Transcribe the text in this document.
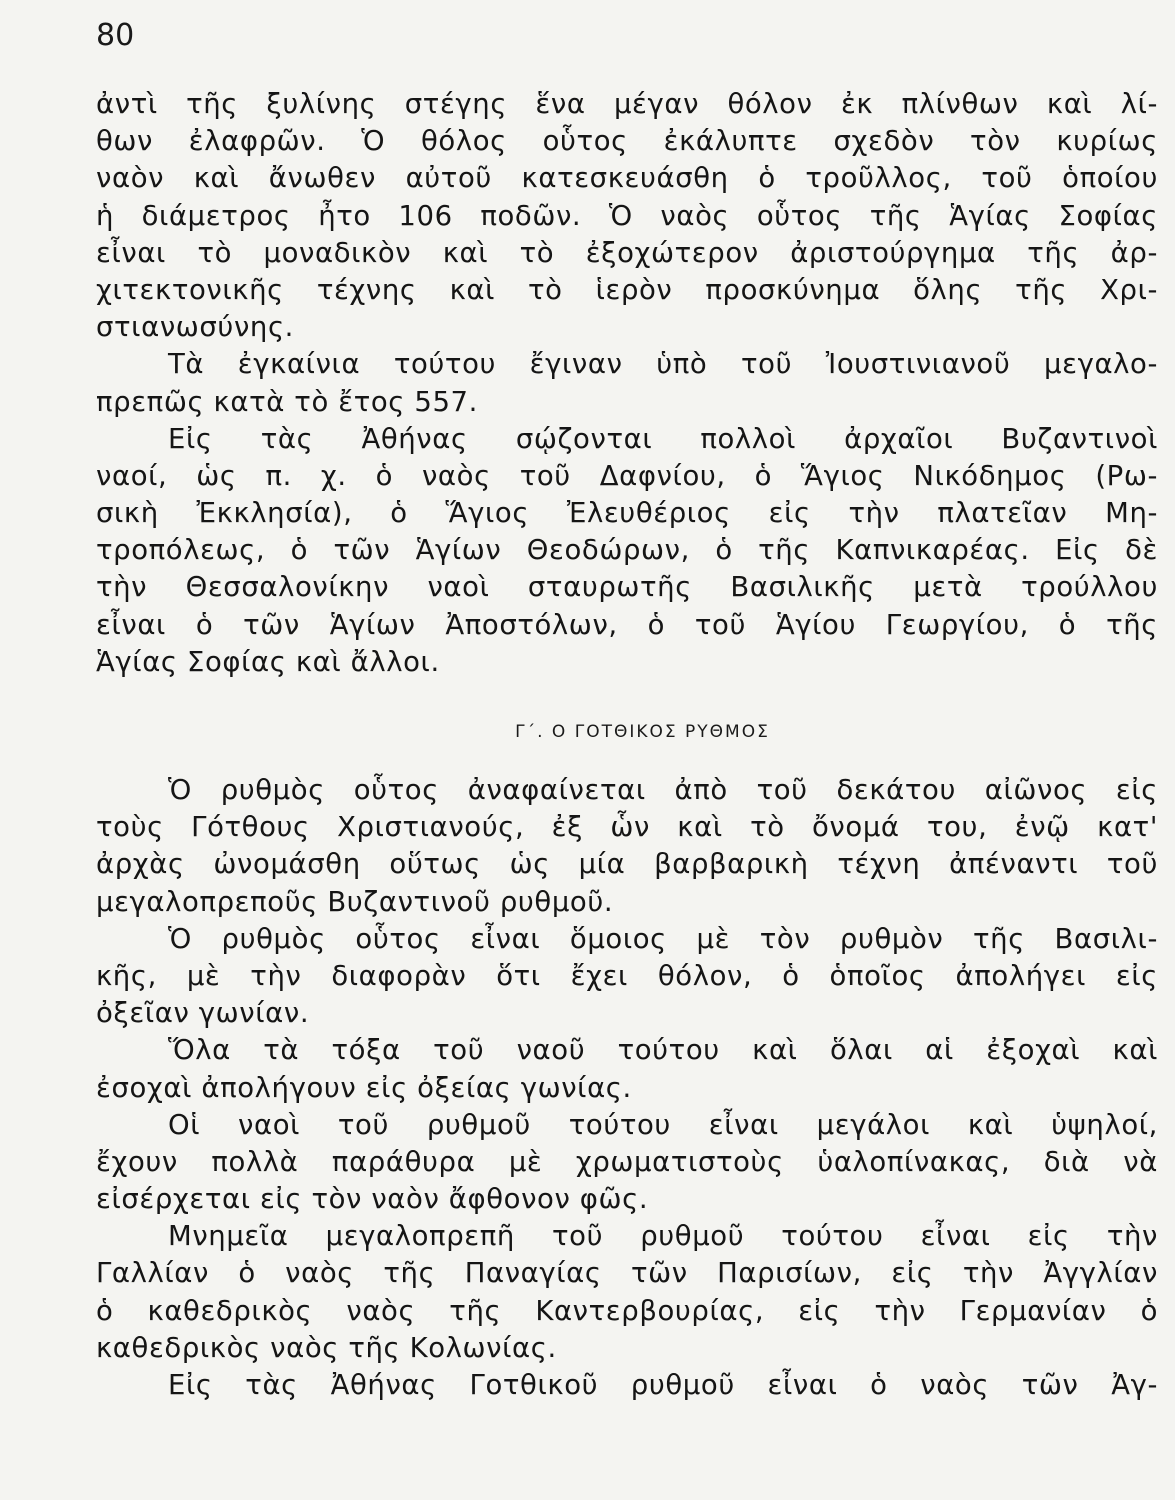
80
ἀντὶ τῆς ξυλίνης στέγης ἕνα μέγαν θόλον ἐκ πλίνθων καὶ λί-
θων ἐλαφρῶν. Ὁ θόλος οὗτος ἐκάλυπτε σχεδὸν τὸν κυρίως
ναὸν καὶ ἄνωθεν αὐτοῦ κατεσκευάσθη ὁ τροῦλλος, τοῦ ὁποίου
ἡ διάμετρος ἦτο 106 ποδῶν. Ὁ ναὸς οὗτος τῆς Ἁγίας Σοφίας
εἶναι τὸ μοναδικὸν καὶ τὸ ἐξοχώτερον ἀριστούργημα τῆς ἀρ-
χιτεκτονικῆς τέχνης καὶ τὸ ἱερὸν προσκύνημα ὅλης τῆς Χρι-
στιανωσύνης.
Τὰ ἐγκαίνια τούτου ἔγιναν ὑπὸ τοῦ Ἰουστινιανοῦ μεγαλο-
πρεπῶς κατὰ τὸ ἔτος 557.
Εἰς τὰς Ἀθήνας σῴζονται πολλοὶ ἀρχαῖοι Βυζαντινοὶ
ναοί, ὡς π. χ. ὁ ναὸς τοῦ Δαφνίου, ὁ Ἅγιος Νικόδημος (Ρω-
σικὴ Ἐκκλησία), ὁ Ἅγιος Ἐλευθέριος εἰς τὴν πλατεῖαν Μη-
τροπόλεως, ὁ τῶν Ἁγίων Θεοδώρων, ὁ τῆς Καπνικαρέας. Εἰς δὲ
τὴν Θεσσαλονίκην ναοὶ σταυρωτῆς Βασιλικῆς μετὰ τρούλλου
εἶναι ὁ τῶν Ἁγίων Ἀποστόλων, ὁ τοῦ Ἁγίου Γεωργίου, ὁ τῆς
Ἁγίας Σοφίας καὶ ἄλλοι.
Γ΄. Ο ΓΟΤΘΙΚΟΣ ΡΥΘΜΟΣ
Ὁ ρυθμὸς οὗτος ἀναφαίνεται ἀπὸ τοῦ δεκάτου αἰῶνος εἰς
τοὺς Γότθους Χριστιανούς, ἐξ ὧν καὶ τὸ ὄνομά του, ἐνῷ κατ'
ἀρχὰς ὠνομάσθη οὕτως ὡς μία βαρβαρικὴ τέχνη ἀπέναντι τοῦ
μεγαλοπρεποῦς Βυζαντινοῦ ρυθμοῦ.
Ὁ ρυθμὸς οὗτος εἶναι ὅμοιος μὲ τὸν ρυθμὸν τῆς Βασιλι-
κῆς, μὲ τὴν διαφορὰν ὅτι ἔχει θόλον, ὁ ὁποῖος ἀπολήγει εἰς
ὀξεῖαν γωνίαν.
Ὅλα τὰ τόξα τοῦ ναοῦ τούτου καὶ ὅλαι αἱ ἐξοχαὶ καὶ
ἐσοχαὶ ἀπολήγουν εἰς ὀξείας γωνίας.
Οἱ ναοὶ τοῦ ρυθμοῦ τούτου εἶναι μεγάλοι καὶ ὑψηλοί,
ἔχουν πολλὰ παράθυρα μὲ χρωματιστοὺς ὑαλοπίνακας, διὰ νὰ
εἰσέρχεται εἰς τὸν ναὸν ἄφθονον φῶς.
Μνημεῖα μεγαλοπρεπῆ τοῦ ρυθμοῦ τούτου εἶναι εἰς τὴν
Γαλλίαν ὁ ναὸς τῆς Παναγίας τῶν Παρισίων, εἰς τὴν Ἀγγλίαν
ὁ καθεδρικὸς ναὸς τῆς Καντερβουρίας, εἰς τὴν Γερμανίαν ὁ
καθεδρικὸς ναὸς τῆς Κολωνίας.
Εἰς τὰς Ἀθήνας Γοτθικοῦ ρυθμοῦ εἶναι ὁ ναὸς τῶν Ἀγ-
